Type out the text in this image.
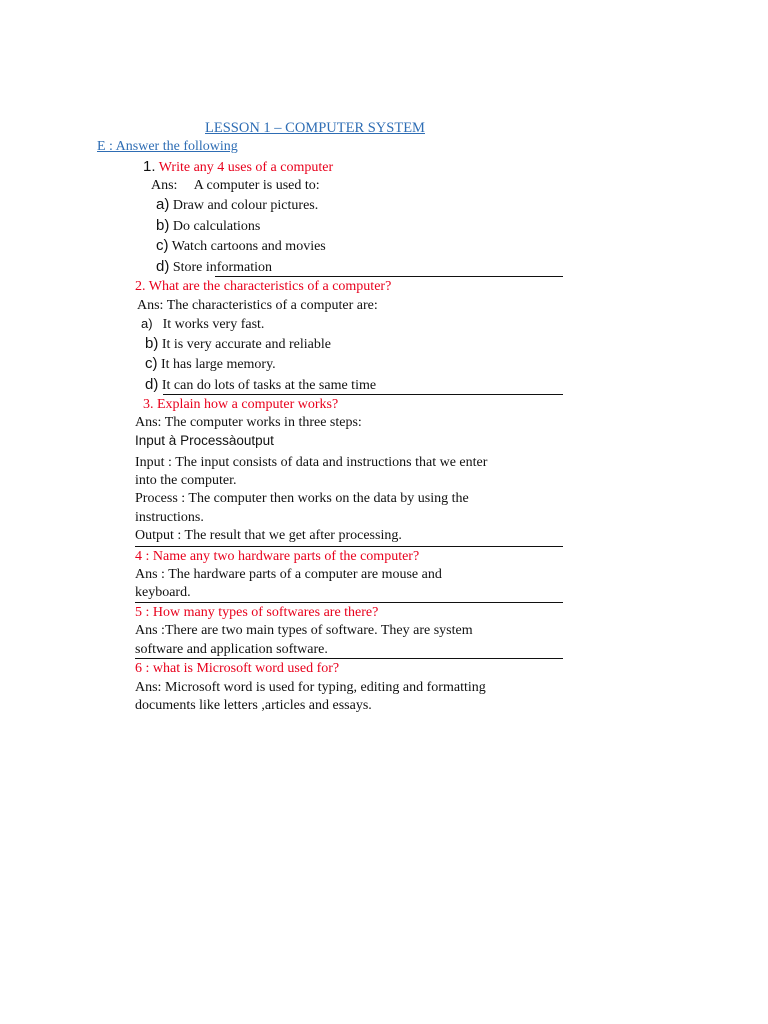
LESSON 1 – COMPUTER SYSTEM
E : Answer the following
1. Write any 4 uses of a computer
Ans: A computer is used to:
a) Draw and colour pictures.
b) Do calculations
c) Watch cartoons and movies
d) Store information
2. What are the characteristics of a computer?
Ans: The characteristics of a computer are:
a) It works very fast.
b) It is very accurate and reliable
c) It has large memory.
d) It can do lots of tasks at the same time
3. Explain how a computer works?
Ans: The computer works in three steps:
Input à Processàoutput
Input : The input consists of data and instructions that we enter
into the computer.
Process : The computer then works on the data by using the
instructions.
Output : The result that we get after processing.
4 : Name any two hardware parts of the computer?
Ans : The hardware parts of a computer are mouse and
keyboard.
5 : How many types of softwares are there?
Ans :There are two main types of software. They are system
software and application software.
6 : what is Microsoft word used for?
Ans: Microsoft word is used for typing, editing and formatting
documents like letters ,articles and essays.
